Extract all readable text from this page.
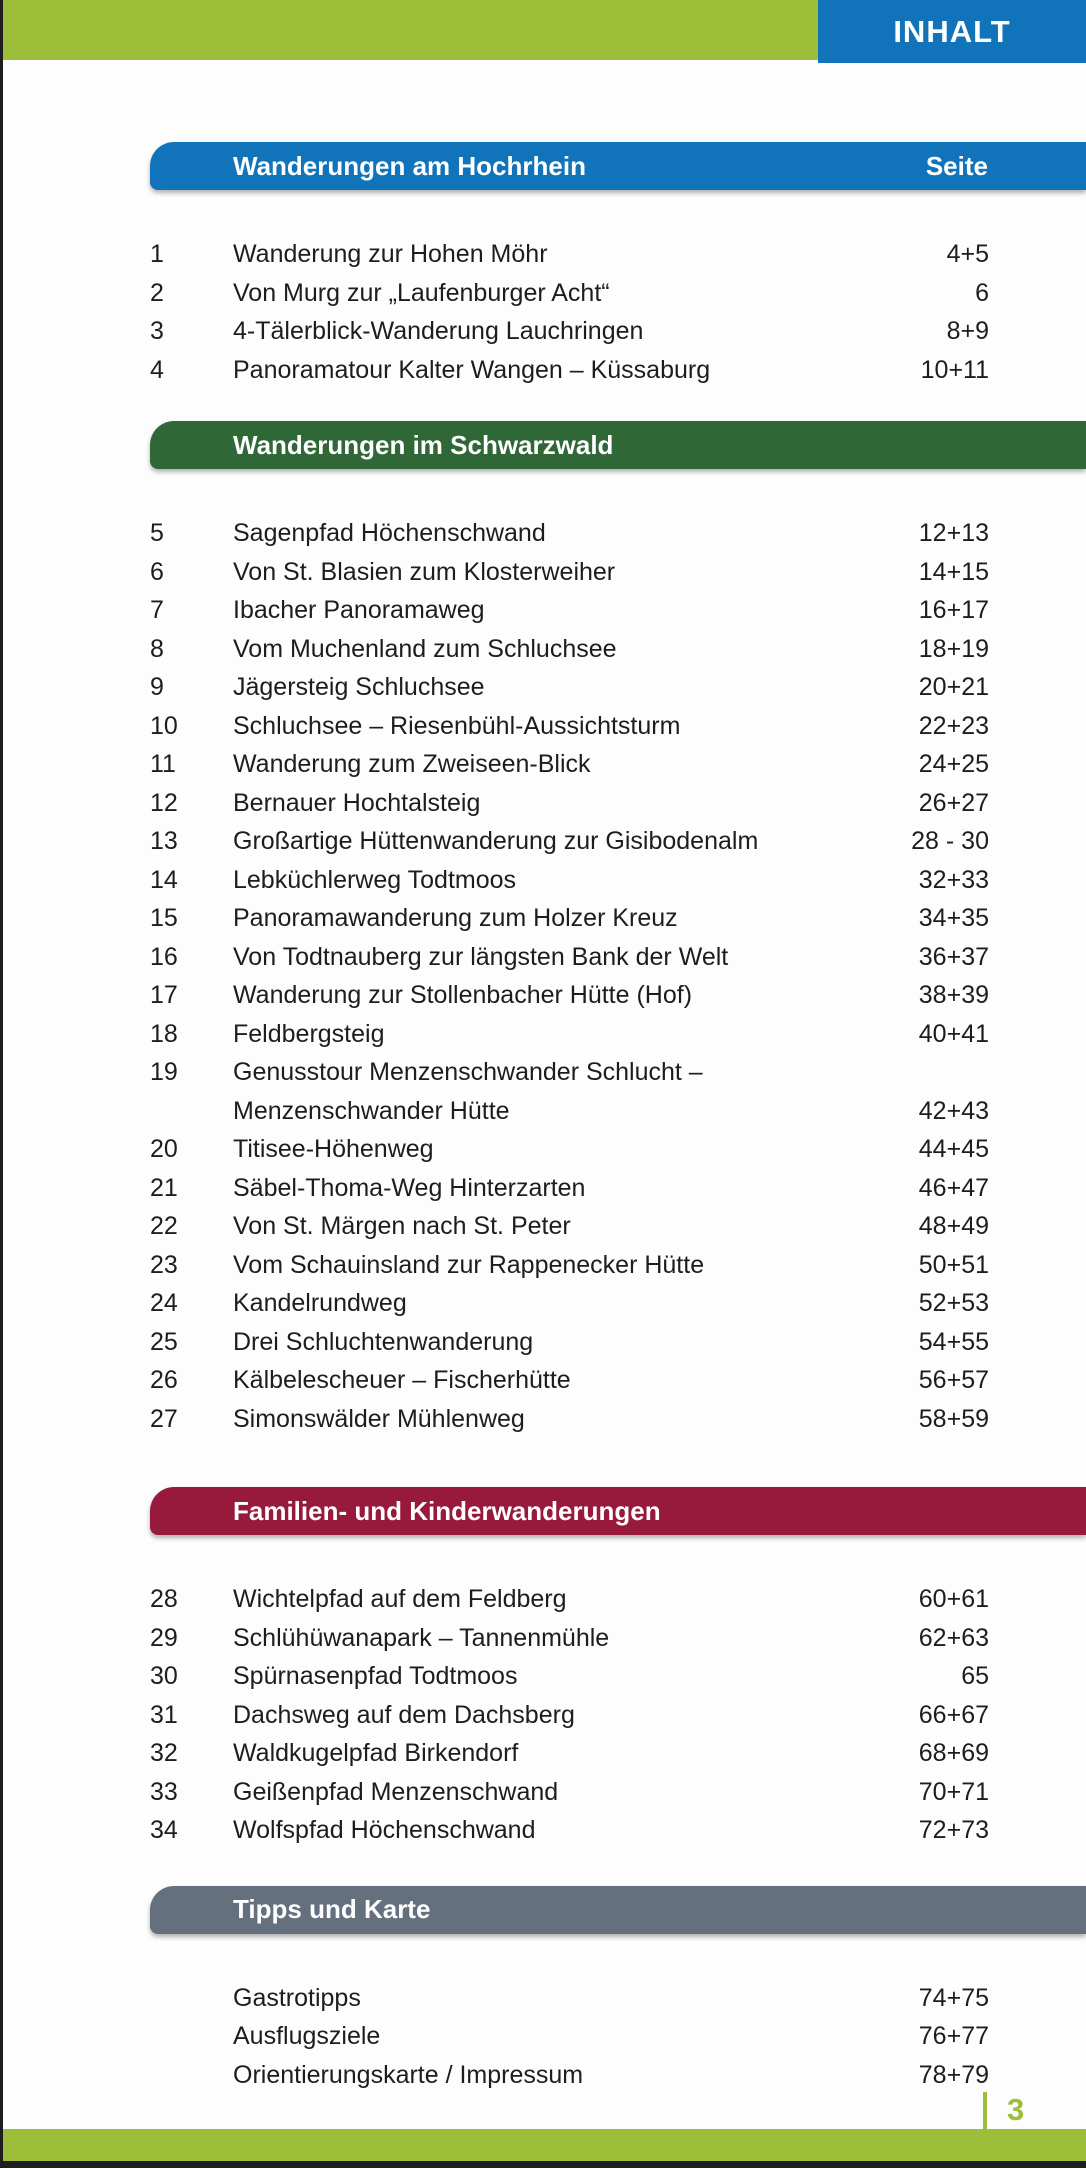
INHALT
Wanderungen am Hochrhein	Seite
1	Wanderung zur Hohen Möhr	4+5
2	Von Murg zur „Laufenburger Acht“	6
3	4-Tälerblick-Wanderung Lauchringen	8+9
4	Panoramatour Kalter Wangen – Küssaburg	10+11
Wanderungen im Schwarzwald
5	Sagenpfad Höchenschwand	12+13
6	Von St. Blasien zum Klosterweiher	14+15
7	Ibacher Panoramaweg	16+17
8	Vom Muchenland zum Schluchsee	18+19
9	Jägersteig Schluchsee	20+21
10	Schluchsee – Riesenbühl-Aussichtsturm	22+23
11	Wanderung zum Zweiseen-Blick	24+25
12	Bernauer Hochtalsteig	26+27
13	Großartige Hüttenwanderung zur Gisibodenalm	28 - 30
14	Lebküchlerweg Todtmoos	32+33
15	Panoramawanderung zum Holzer Kreuz	34+35
16	Von Todtnauberg zur längsten Bank der Welt	36+37
17	Wanderung zur Stollenbacher Hütte (Hof)	38+39
18	Feldbergsteig	40+41
19	Genusstour Menzenschwander Schlucht –
Menzenschwander Hütte	42+43
20	Titisee-Höhenweg	44+45
21	Säbel-Thoma-Weg Hinterzarten	46+47
22	Von St. Märgen nach St. Peter	48+49
23	Vom Schauinsland zur Rappenecker Hütte	50+51
24	Kandelrundweg	52+53
25	Drei Schluchtenwanderung	54+55
26	Kälbelescheuer – Fischerhütte	56+57
27	Simonswälder Mühlenweg	58+59
Familien- und Kinderwanderungen
28	Wichtelpfad auf dem Feldberg	60+61
29	Schlühüwanapark – Tannenmühle	62+63
30	Spürnasenpfad Todtmoos	65
31	Dachsweg auf dem Dachsberg	66+67
32	Waldkugelpfad Birkendorf	68+69
33	Geißenpfad Menzenschwand	70+71
34	Wolfspfad Höchenschwand	72+73
Tipps und Karte
Gastrotipps	74+75
Ausflugsziele	76+77
Orientierungskarte / Impressum	78+79
3
